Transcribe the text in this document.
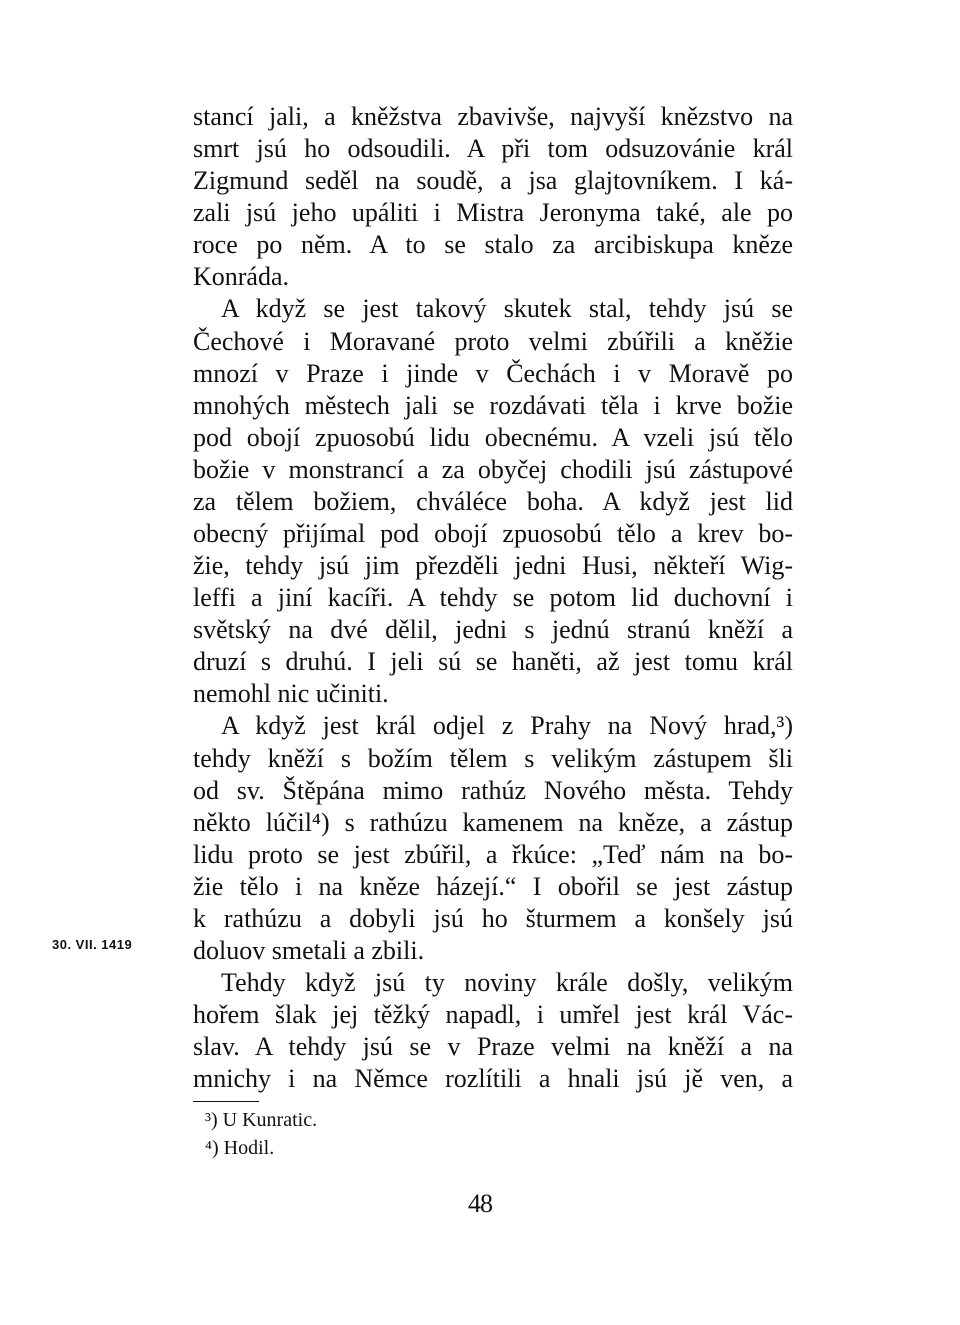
stancí jali, a kněžstva zbavivše, najvyší knězstvo na
smrt jsú ho odsoudili. A při tom odsuzovánie král
Zigmund seděl na soudě, a jsa glajtovníkem. I ká-
zali jsú jeho upáliti i Mistra Jeronyma také, ale po
roce po něm. A to se stalo za arcibiskupa kněze
Konráda.
A když se jest takový skutek stal, tehdy jsú se
Čechové i Moravané proto velmi zbúřili a kněžie
mnozí v Praze i jinde v Čechách i v Moravě po
mnohých městech jali se rozdávati těla i krve božie
pod obojí zpuosobú lidu obecnému. A vzeli jsú tělo
božie v monstrancí a za obyčej chodili jsú zástupové
za tělem božiem, chváléce boha. A když jest lid
obecný přijímal pod obojí zpuosobú tělo a krev bo-
žie, tehdy jsú jim přezděli jedni Husi, někteří Wig-
leffi a jiní kacíři. A tehdy se potom lid duchovní i
světský na dvé dělil, jedni s jednú stranú kněží a
druzí s druhú. I jeli sú se haněti, až jest tomu král
nemohl nic učiniti.
A když jest král odjel z Prahy na Nový hrad,³)
tehdy kněží s božím tělem s velikým zástupem šli
od sv. Štěpána mimo rathúz Nového města. Tehdy
někto lúčil⁴) s rathúzu kamenem na kněze, a zástup
lidu proto se jest zbúřil, a řkúce: „Teď nám na bo-
žie tělo i na kněze házejí.“ I obořil se jest zástup
k rathúzu a dobyli jsú ho šturmem a konšely jsú
doluov smetali a zbili.
Tehdy když jsú ty noviny krále došly, velikým
hořem šlak jej těžký napadl, i umřel jest král Vác-
slav. A tehdy jsú se v Praze velmi na kněží a na
mnichy i na Němce rozlítili a hnali jsú jě ven, a
30. VII. 1419
³) U Kunratic.
⁴) Hodil.
48
